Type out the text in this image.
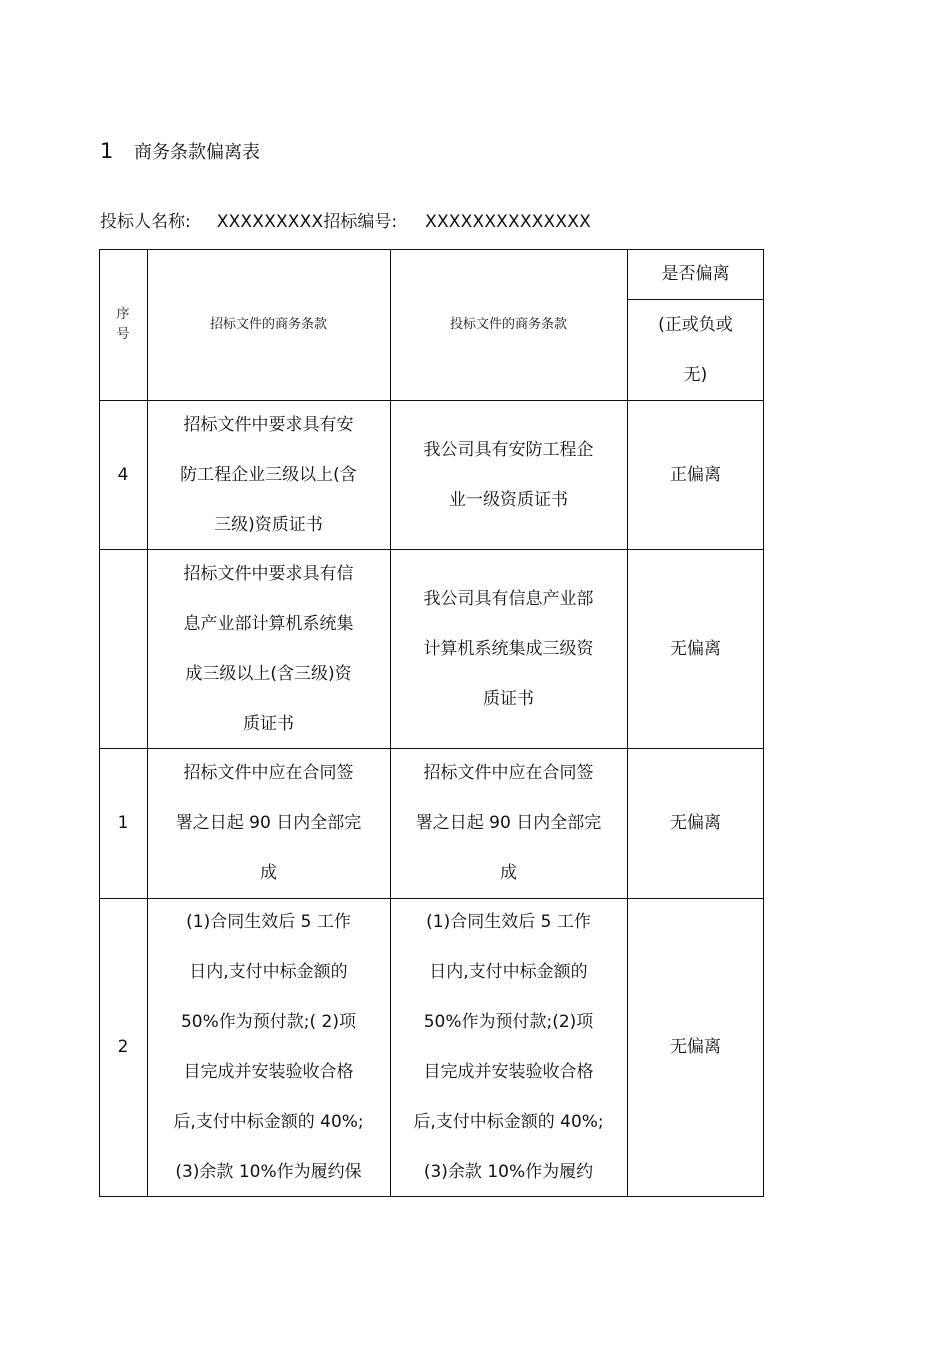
1 商务条款偏离表
投标人名称: XXXXXXXXX招标编号: XXXXXXXXXXXXXX
序
号
招标文件的商务条款	投标文件的商务条款
是否偏离
(正或负或
无)
4
招标文件中要求具有安
防工程企业三级以上(含
三级)资质证书
我公司具有安防工程企
业一级资质证书
正偏离
招标文件中要求具有信
息产业部计算机系统集
成三级以上(含三级)资
质证书
我公司具有信息产业部
计算机系统集成三级资
质证书
无偏离
1
招标文件中应在合同签
署之日起 90 日内全部完
成
招标文件中应在合同签
署之日起 90 日内全部完
成
无偏离
2
(1)合同生效后 5 工作
日内,支付中标金额的
50%作为预付款;( 2)项
目完成并安装验收合格
后,支付中标金额的 40%;
(3)余款 10%作为履约保
(1)合同生效后 5 工作
日内,支付中标金额的
50%作为预付款;(2)项
目完成并安装验收合格
后,支付中标金额的 40%;
(3)余款 10%作为履约
无偏离
